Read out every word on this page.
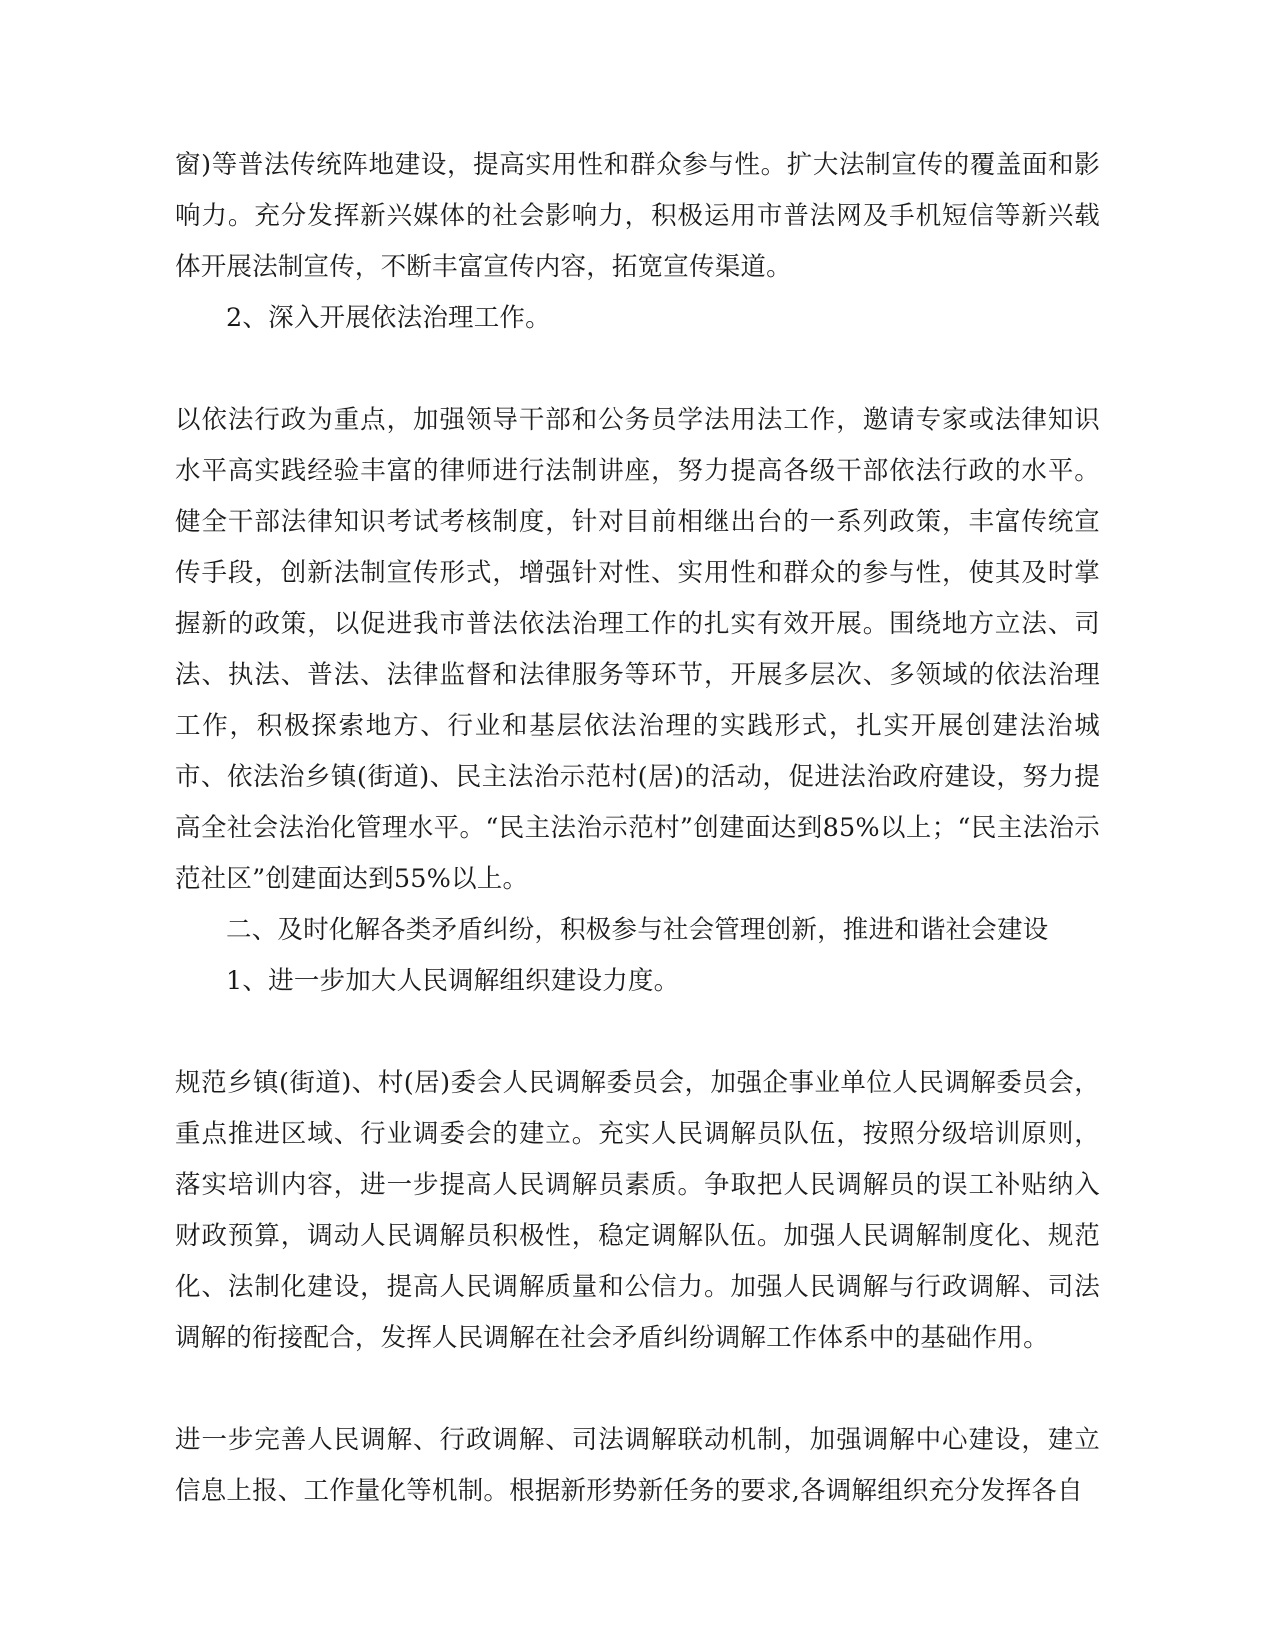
窗)等普法传统阵地建设，提高实用性和群众参与性。扩大法制宣传的覆盖面和影响力。充分发挥新兴媒体的社会影响力，积极运用市普法网及手机短信等新兴载体开展法制宣传，不断丰富宣传内容，拓宽宣传渠道。

2、深入开展依法治理工作。

以依法行政为重点，加强领导干部和公务员学法用法工作，邀请专家或法律知识水平高实践经验丰富的律师进行法制讲座，努力提高各级干部依法行政的水平。健全干部法律知识考试考核制度，针对目前相继出台的一系列政策，丰富传统宣传手段，创新法制宣传形式，增强针对性、实用性和群众的参与性，使其及时掌握新的政策，以促进我市普法依法治理工作的扎实有效开展。围绕地方立法、司法、执法、普法、法律监督和法律服务等环节，开展多层次、多领域的依法治理工作，积极探索地方、行业和基层依法治理的实践形式，扎实开展创建法治城市、依法治乡镇(街道)、民主法治示范村(居)的活动，促进法治政府建设，努力提高全社会法治化管理水平。“民主法治示范村”创建面达到85%以上；“民主法治示范社区”创建面达到55%以上。

二、及时化解各类矛盾纠纷，积极参与社会管理创新，推进和谐社会建设

1、进一步加大人民调解组织建设力度。

规范乡镇(街道)、村(居)委会人民调解委员会，加强企事业单位人民调解委员会，重点推进区域、行业调委会的建立。充实人民调解员队伍，按照分级培训原则，落实培训内容，进一步提高人民调解员素质。争取把人民调解员的误工补贴纳入财政预算，调动人民调解员积极性，稳定调解队伍。加强人民调解制度化、规范化、法制化建设，提高人民调解质量和公信力。加强人民调解与行政调解、司法调解的衔接配合，发挥人民调解在社会矛盾纠纷调解工作体系中的基础作用。

进一步完善人民调解、行政调解、司法调解联动机制，加强调解中心建设，建立信息上报、工作量化等机制。根据新形势新任务的要求,各调解组织充分发挥各自
